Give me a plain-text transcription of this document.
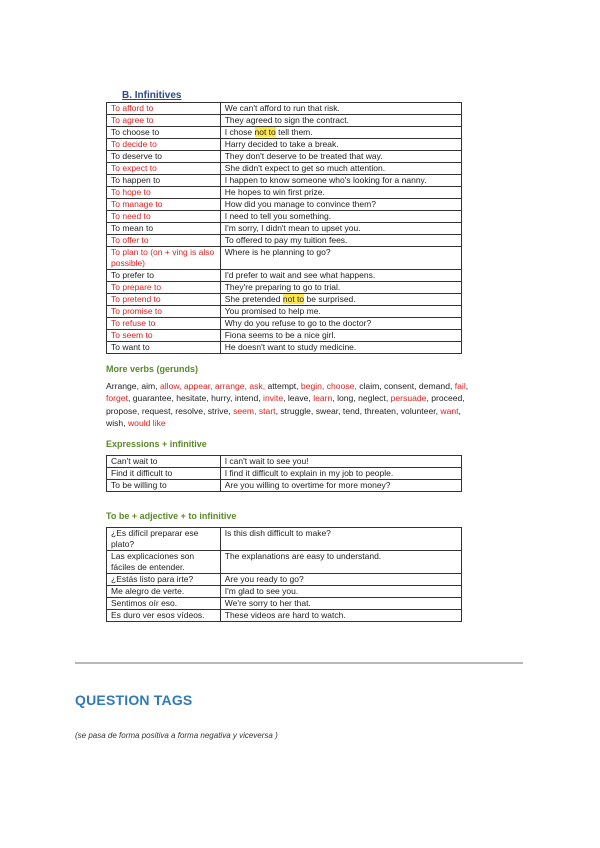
B. Infinitives
To afford to	We can't afford to run that risk.
To agree to	They agreed to sign the contract.
To choose to	I chose not to tell them.
To decide to	Harry decided to take a break.
To deserve to	They don't deserve to be treated that way.
To expect to	She didn't expect to get so much attention.
To happen to	I happen to know someone who's looking for a nanny.
To hope to	He hopes to win first prize.
To manage to	How did you manage to convince them?
To need to	I need to tell you something.
To mean to	I'm sorry, I didn't mean to upset you.
To offer to	To offered to pay my tuition fees.
To plan to (on + ving is also possible)	Where is he planning to go?
To prefer to	I'd prefer to wait and see what happens.
To prepare to	They're preparing to go to trial.
To pretend to	She pretended not to be surprised.
To promise to	You promised to help me.
To refuse to	Why do you refuse to go to the doctor?
To seem to	Fiona seems to be a nice girl.
To want to	He doesn't want to study medicine.
More verbs (gerunds)
Arrange, aim, allow, appear, arrange, ask, attempt, begin, choose, claim, consent, demand, fail, forget, guarantee, hesitate, hurry, intend, invite, leave, learn, long, neglect, persuade, proceed, propose, request, resolve, strive, seem, start, struggle, swear, tend, threaten, volunteer, want, wish, would like
Expressions + infinitive
Can't wait to	I can't wait to see you!
Find it difficult to	I find it difficult to explain in my job to people.
To be willing to	Are you willing to overtime for more money?
To be + adjective + to infinitive
¿Es difícil preparar ese plato?	Is this dish difficult to make?
Las explicaciones son fáciles de entender.	The explanations are easy to understand.
¿Estás listo para irte?	Are you ready to go?
Me alegro de verte.	I'm glad to see you.
Sentimos oír eso.	We're sorry to her that.
Es duro ver esos vídeos.	These videos are hard to watch.
QUESTION TAGS
(se pasa de forma positiva a forma negativa y viceversa )
